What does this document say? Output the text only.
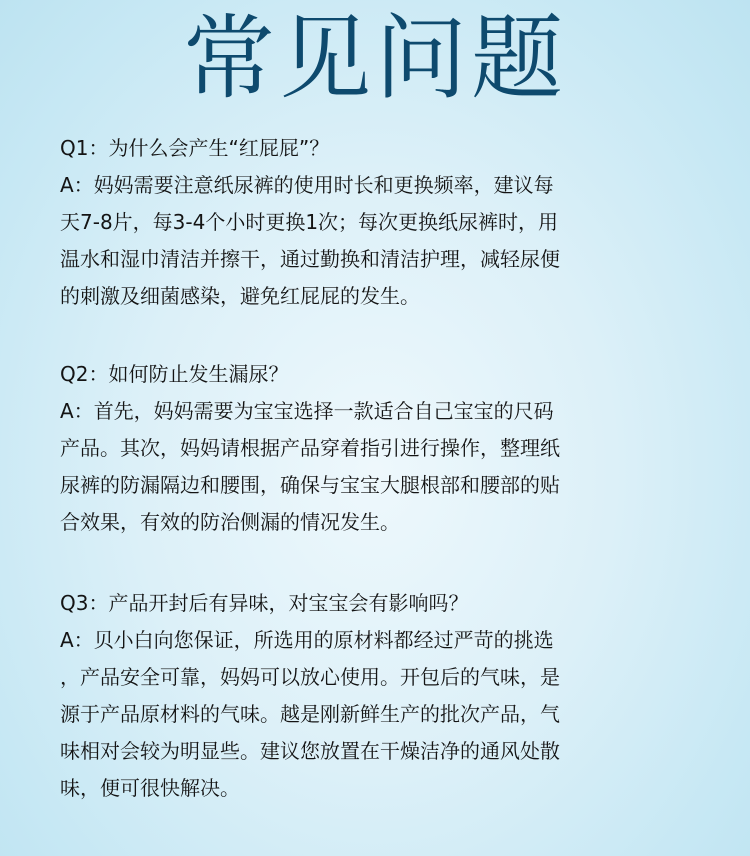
常见问题

Q1：为什么会产生“红屁屁”？

A：妈妈需要注意纸尿裤的使用时长和更换频率，建议每

天7-8片，每3-4个小时更换1次；每次更换纸尿裤时，用

温水和湿巾清洁并擦干，通过勤换和清洁护理，减轻尿便

的刺激及细菌感染，避免红屁屁的发生。

Q2：如何防止发生漏尿？

A：首先，妈妈需要为宝宝选择一款适合自己宝宝的尺码

产品。其次，妈妈请根据产品穿着指引进行操作，整理纸

尿裤的防漏隔边和腰围，确保与宝宝大腿根部和腰部的贴

合效果，有效的防治侧漏的情况发生。

Q3：产品开封后有异味，对宝宝会有影响吗？

A：贝小白向您保证，所选用的原材料都经过严苛的挑选

，产品安全可靠，妈妈可以放心使用。开包后的气味，是

源于产品原材料的气味。越是刚新鲜生产的批次产品，气

味相对会较为明显些。建议您放置在干燥洁净的通风处散

味，便可很快解决。
